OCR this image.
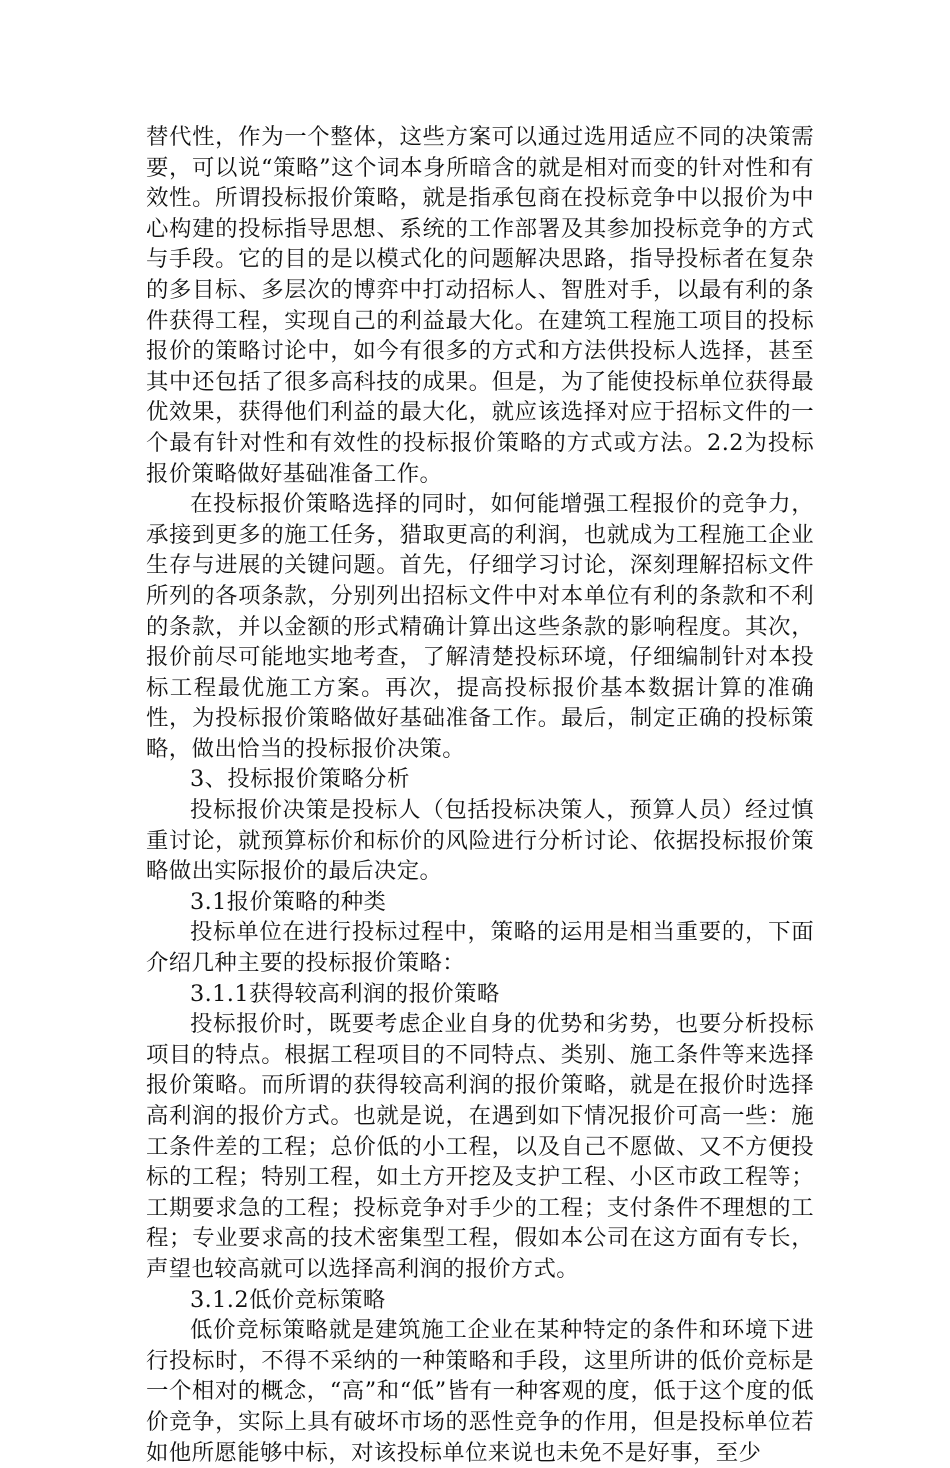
替代性，作为一个整体，这些方案可以通过选用适应不同的决策需要，可以说“策略”这个词本身所暗含的就是相对而变的针对性和有效性。所谓投标报价策略，就是指承包商在投标竞争中以报价为中心构建的投标指导思想、系统的工作部署及其参加投标竞争的方式与手段。它的目的是以模式化的问题解决思路，指导投标者在复杂的多目标、多层次的博弈中打动招标人、智胜对手，以最有利的条件获得工程，实现自己的利益最大化。在建筑工程施工项目的投标报价的策略讨论中，如今有很多的方式和方法供投标人选择，甚至其中还包括了很多高科技的成果。但是，为了能使投标单位获得最优效果，获得他们利益的最大化，就应该选择对应于招标文件的一个最有针对性和有效性的投标报价策略的方式或方法。2.2为投标报价策略做好基础准备工作。

在投标报价策略选择的同时，如何能增强工程报价的竞争力，承接到更多的施工任务，猎取更高的利润，也就成为工程施工企业生存与进展的关键问题。首先，仔细学习讨论，深刻理解招标文件所列的各项条款，分别列出招标文件中对本单位有利的条款和不利的条款，并以金额的形式精确计算出这些条款的影响程度。其次，报价前尽可能地实地考查，了解清楚投标环境，仔细编制针对本投标工程最优施工方案。再次，提高投标报价基本数据计算的准确性，为投标报价策略做好基础准备工作。最后，制定正确的投标策略，做出恰当的投标报价决策。

3、投标报价策略分析

投标报价决策是投标人（包括投标决策人，预算人员）经过慎重讨论，就预算标价和标价的风险进行分析讨论、依据投标报价策略做出实际报价的最后决定。

3.1报价策略的种类

投标单位在进行投标过程中，策略的运用是相当重要的，下面介绍几种主要的投标报价策略：

3.1.1获得较高利润的报价策略

投标报价时，既要考虑企业自身的优势和劣势，也要分析投标项目的特点。根据工程项目的不同特点、类别、施工条件等来选择报价策略。而所谓的获得较高利润的报价策略，就是在报价时选择高利润的报价方式。也就是说，在遇到如下情况报价可高一些：施工条件差的工程；总价低的小工程，以及自己不愿做、又不方便投标的工程；特别工程，如土方开挖及支护工程、小区市政工程等；工期要求急的工程；投标竞争对手少的工程；支付条件不理想的工程；专业要求高的技术密集型工程，假如本公司在这方面有专长，声望也较高就可以选择高利润的报价方式。

3.1.2低价竞标策略

低价竞标策略就是建筑施工企业在某种特定的条件和环境下进行投标时，不得不采纳的一种策略和手段，这里所讲的低价竞标是一个相对的概念，“高”和“低”皆有一种客观的度，低于这个度的低价竞争，实际上具有破坏市场的恶性竞争的作用，但是投标单位若如他所愿能够中标，对该投标单位来说也未免不是好事，至少
